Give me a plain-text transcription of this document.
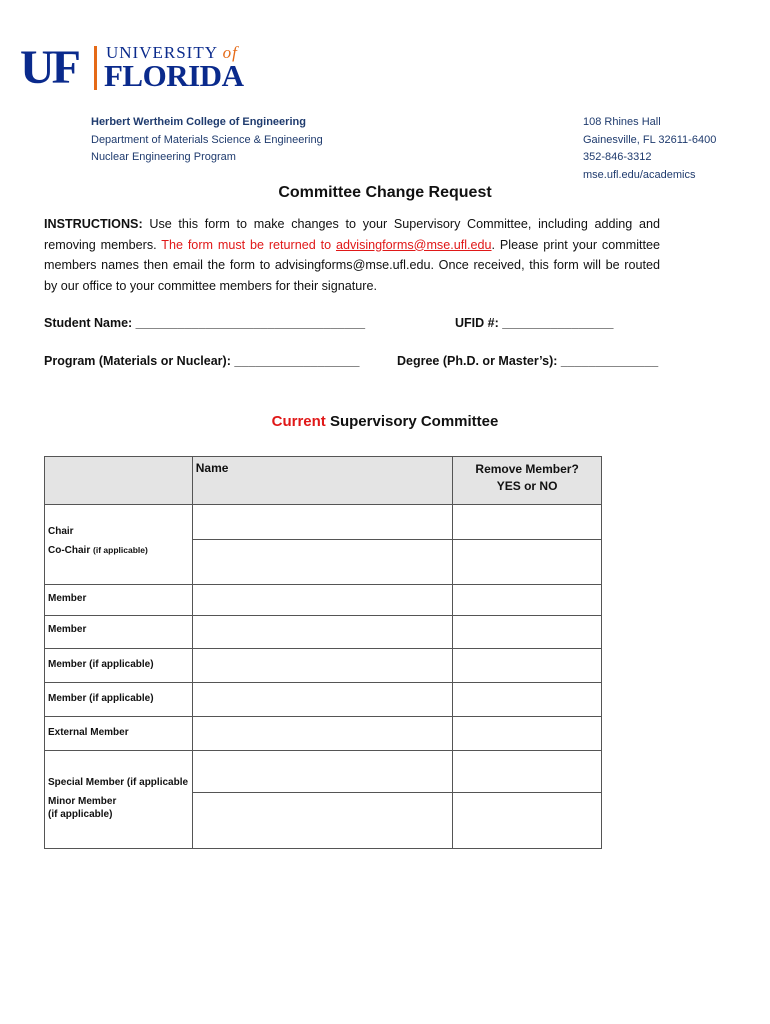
UF UNIVERSITY of
FLORIDA
Herbert Wertheim College of Engineering
Department of Materials Science & Engineering
Nuclear Engineering Program
108 Rhines Hall
Gainesville, FL 32611-6400
352-846-3312
mse.ufl.edu/academics
Committee Change Request
INSTRUCTIONS: Use this form to make changes to your Supervisory Committee, including adding and removing members. The form must be returned to advisingforms@mse.ufl.edu. Please print your committee members names then email the form to advisingforms@mse.ufl.edu. Once received, this form will be routed by our office to your committee members for their signature.
Student Name: _________________________________	UFID #: ________________
Program (Materials or Nuclear): __________________	Degree (Ph.D. or Master’s): ______________
Current Supervisory Committee
	Name	Remove Member?
YES or NO

Chair
Co-Chair (if applicable)		

Member		
Member		
Member (if applicable)		
Member (if applicable)		
External Member		

Special Member (if applicable
Minor Member
(if applicable)		
